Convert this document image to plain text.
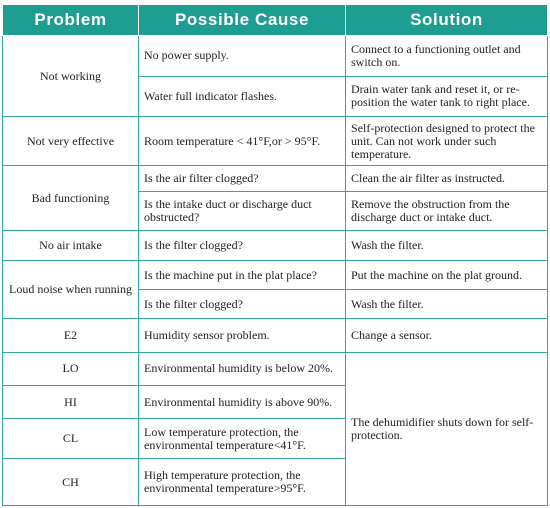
Problem	Possible Cause	Solution
Not working	No power supply.	Connect to a functioning outlet and switch on.
	Water full indicator flashes.	Drain water tank and reset it, or re-position the water tank to right place.
Not very effective	Room temperature < 41°F,or > 95°F.	Self-protection designed to protect the unit. Can not work under such temperature.
Bad functioning	Is the air filter clogged?	Clean the air filter as instructed.
	Is the intake duct or discharge duct obstructed?	Remove the obstruction from the discharge duct or intake duct.
No air intake	Is the filter clogged?	Wash the filter.
Loud noise when running	Is the machine put in the plat place?	Put the machine on the plat ground.
	Is the filter clogged?	Wash the filter.
E2	Humidity sensor problem.	Change a sensor.
LO	Environmental humidity is below 20%.	The dehumidifier shuts down for self- protection.
HI	Environmental humidity is above 90%.	
CL	Low temperature protection, the environmental temperature<41°F.	
CH	High temperature protection, the environmental temperature>95°F.	
